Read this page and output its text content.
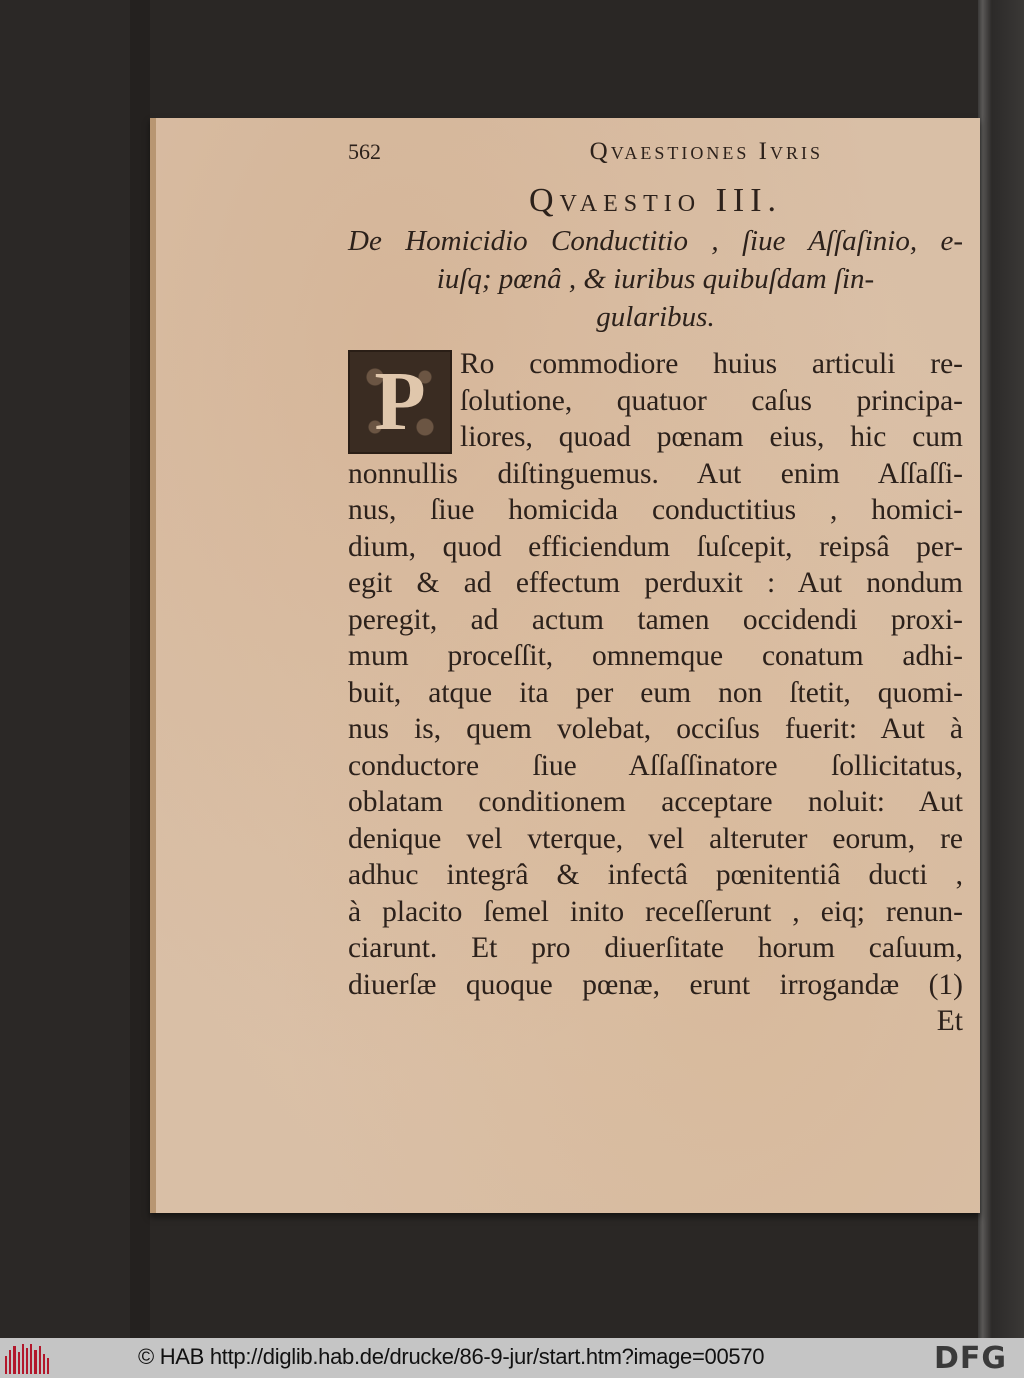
562	Qvaestiones Ivris
Qvaestio III.
De Homicidio Conductitio , ſiue Aſſaſinio, e-
iuſq; pœnâ , & iuribus quibuſdam ſin-
gularibus.
P	Ro commodiore huius articuli re-
ſolutione, quatuor caſus principa-
liores, quoad pœnam eius, hic cum
nonnullis diſtinguemus. Aut enim Aſſaſſi-
nus, ſiue homicida conductitius , homici-
dium, quod efficiendum ſuſcepit, reipsâ per-
egit & ad effectum perduxit : Aut nondum
peregit, ad actum tamen occidendi proxi-
mum proceſſit, omnemque conatum adhi-
buit, atque ita per eum non ſtetit, quomi-
nus is, quem volebat, occiſus fuerit: Aut à
conductore ſiue Aſſaſſinatore ſollicitatus,
oblatam conditionem acceptare noluit: Aut
denique vel vterque, vel alteruter eorum, re
adhuc integrâ & infectâ pœnitentiâ ducti ,
à placito ſemel inito receſſerunt , eiq; renun-
ciarunt. Et pro diuerſitate horum caſuum,
diuerſæ quoque pœnæ, erunt irrogandæ (1)
Et
© HAB http://diglib.hab.de/drucke/86-9-jur/start.htm?image=00570	DFG
